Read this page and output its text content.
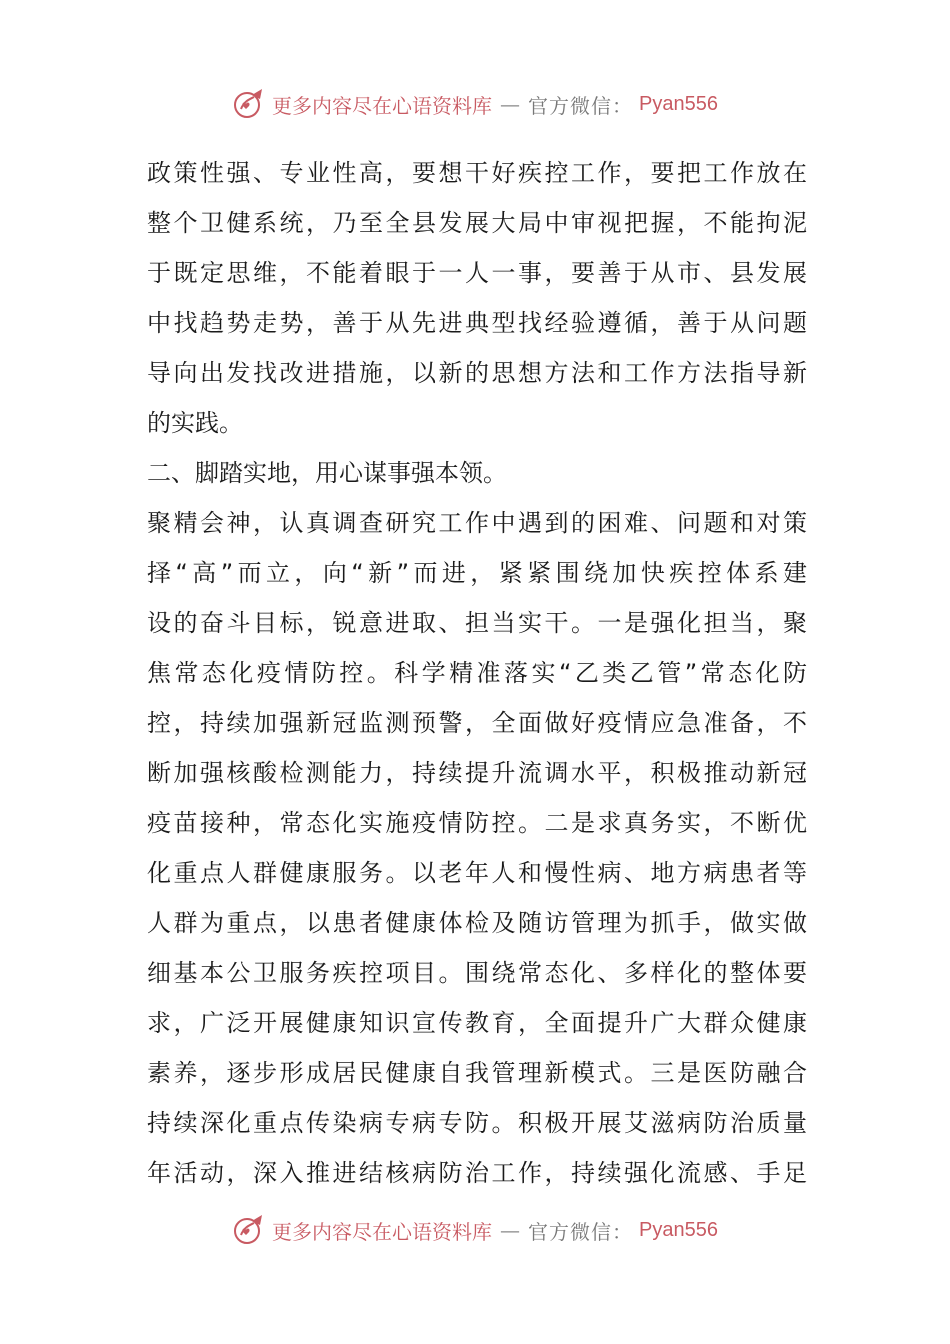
更多内容尽在心语资料库 — 官方微信： Pyan556
政策性强、专业性高，要想干好疾控工作，要把工作放在
整个卫健系统，乃至全县发展大局中审视把握，不能拘泥
于既定思维，不能着眼于一人一事，要善于从市、县发展
中找趋势走势，善于从先进典型找经验遵循，善于从问题
导向出发找改进措施，以新的思想方法和工作方法指导新
的实践。
二、脚踏实地，用心谋事强本领。
聚精会神，认真调查研究工作中遇到的困难、问题和对策
择“高”而立，向“新”而进，紧紧围绕加快疾控体系建
设的奋斗目标，锐意进取、担当实干。一是强化担当，聚
焦常态化疫情防控。科学精准落实“乙类乙管”常态化防
控，持续加强新冠监测预警，全面做好疫情应急准备，不
断加强核酸检测能力，持续提升流调水平，积极推动新冠
疫苗接种，常态化实施疫情防控。二是求真务实，不断优
化重点人群健康服务。以老年人和慢性病、地方病患者等
人群为重点，以患者健康体检及随访管理为抓手，做实做
细基本公卫服务疾控项目。围绕常态化、多样化的整体要
求，广泛开展健康知识宣传教育，全面提升广大群众健康
素养，逐步形成居民健康自我管理新模式。三是医防融合
持续深化重点传染病专病专防。积极开展艾滋病防治质量
年活动，深入推进结核病防治工作，持续强化流感、手足
更多内容尽在心语资料库 — 官方微信： Pyan556
